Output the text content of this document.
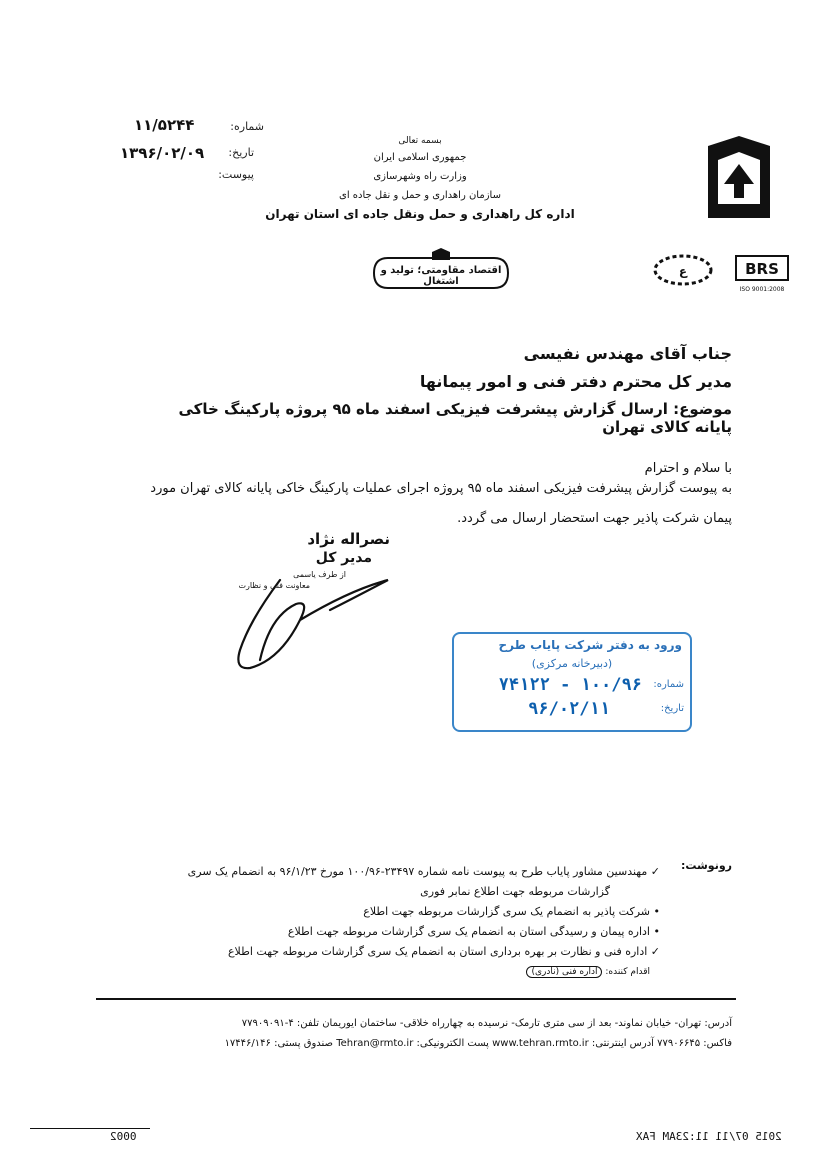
ع	BRS
ISO 9001:2008
بسمه تعالی
جمهوری اسلامی ایران
وزارت راه وشهرسازی
سازمان راهداری و حمل و نقل جاده ای
اداره کل راهداری و حمل ونقل جاده ای استان تهران
اقتصاد مقاومتی؛ تولید و اشتغال
شماره:
۱۱/۵۲۴۴
تاریخ:
۱۳۹۶/۰۲/۰۹
پیوست:
جناب آقای مهندس نفیسی
مدیر کل محترم دفتر فنی و امور پیمانها
موضوع: ارسال گزارش پیشرفت فیزیکی اسفند ماه ۹۵ پروژه پارکینگ خاکی پایانه کالای تهران
با سلام و احترام
به پیوست گزارش پیشرفت فیزیکی اسفند ماه ۹۵ پروژه اجرای عملیات پارکینگ خاکی پایانه کالای تهران مورد
پیمان شرکت پاذیر جهت استحضار ارسال می گردد.
نصراله نژاد
مدیر کل
از طرف یاسمی
معاونت فنی و نظارت
ورود به دفتر شرکت پایاب طرح
(دبیرخانه مرکزی)
شماره:
۱۰۰/۹۶ - ۷۴۱۲۲
تاریخ:
۹۶/۰۲/۱۱
رونوشت:
✓ مهندسین مشاور پایاب طرح به پیوست نامه شماره ۲۳۴۹۷-۱۰۰/۹۶ مورخ ۹۶/۱/۲۳ به انضمام یک سری
گزارشات مربوطه جهت اطلاع نمابر فوری
• شرکت پاذیر به انضمام یک سری گزارشات مربوطه جهت اطلاع
• اداره پیمان و رسیدگی استان به انضمام یک سری گزارشات مربوطه جهت اطلاع
✓ اداره فنی و نظارت بر بهره برداری استان به انضمام یک سری گزارشات مربوطه جهت اطلاع
اقدام کننده: اداره فنی (نادری)
آدرس: تهران- خیابان نماوند- بعد از سی متری تارمک- نرسیده به چهارراه خلاقی- ساختمان ایوریمان تلفن: ۴-۷۷۹۰۹۰۹۱
فاکس: ۷۷۹۰۶۶۴۵ آدرس اینترنتی: www.tehran.rmto.ir پست الکترونیکی: Tehran@rmto.ir صندوق پستی: ۱۷۴۴۶/۱۴۶
0002	2015 07/11 11:23AM FAX
